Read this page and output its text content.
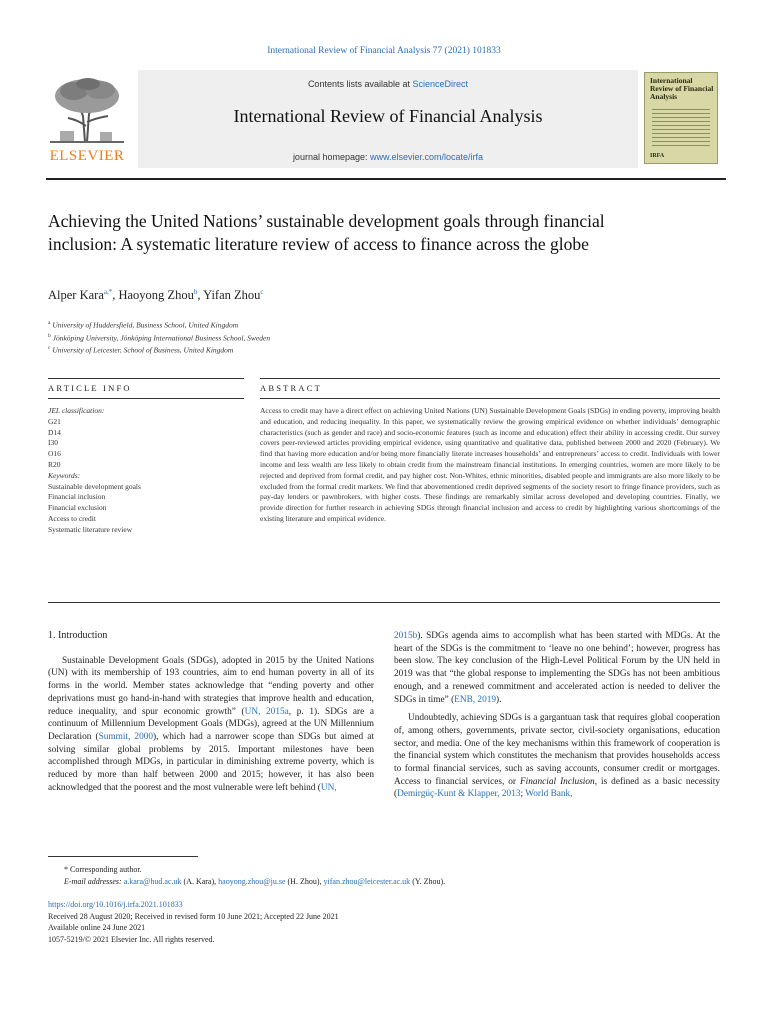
International Review of Financial Analysis 77 (2021) 101833
ELSEVIER
Contents lists available at ScienceDirect
International Review of Financial Analysis
journal homepage: www.elsevier.com/locate/irfa
International Review of Financial Analysis
IRFA
Achieving the United Nations’ sustainable development goals through financial inclusion: A systematic literature review of access to finance across the globe
Alper Kara$^{a,*}$, Haoyong Zhou$^b$, Yifan Zhou$^c$
$^a$ University of Huddersfield, Business School, United Kingdom
$^b$ Jönköping University, Jönköping International Business School, Sweden
$^c$ University of Leicester, School of Business, United Kingdom
ARTICLE INFO	ABSTRACT
JEL classification:
G21
D14
I30
O16
R20
Keywords:
Sustainable development goals
Financial inclusion
Financial exclusion
Access to credit
Systematic literature review
Access to credit may have a direct effect on achieving United Nations (UN) Sustainable Development Goals (SDGs) in ending poverty, improving health and education, and reducing inequality. In this paper, we systematically review the growing empirical evidence on whether individuals’ demographic characteristics (such as gender and race) and socio-economic features (such as income and education) effect their ability in accessing credit. Our survey covers peer-reviewed articles providing empirical evidence, using quantitative and qualitative data, published between 2000 and 2020 (February). We find that having more education and/or being more financially literate increases households’ and entrepreneurs’ access to credit. Individuals with lower income and less wealth are less likely to obtain credit from the mainstream financial institutions. In emerging countries, women are more likely to be rejected and deprived from formal credit, and pay higher cost. Non-Whites, ethnic minorities, disabled people and immigrants are also more likely to be excluded from the formal credit markets. We find that abovementioned credit deprived segments of the society resort to fringe finance providers, such as pay-day lenders or pawnbrokers, with higher costs. These findings are remarkably similar across developed and developing countries. Finally, we provide direction for further research in achieving SDGs through financial inclusion and access to credit by highlighting various shortcomings of the existing literature and empirical evidence.
1. Introduction

Sustainable Development Goals (SDGs), adopted in 2015 by the United Nations (UN) with its membership of 193 countries, aim to end human poverty in all of its forms in the world. Member states acknowledge that “ending poverty and other deprivations must go hand-in-hand with strategies that improve health and education, reduce inequality, and spur economic growth” (UN, 2015a, p. 1). SDGs are a continuum of Millennium Development Goals (MDGs), agreed at the UN Millennium Declaration (Summit, 2000), which had a narrower scope than SDGs but aimed at solving similar global problems by 2015. Important milestones have been accomplished through MDGs, in particular in diminishing extreme poverty, which is reduced by more than half between 2000 and 2015; however, it has also been acknowledged that the poorest and the most vulnerable were left behind (UN,

2015b). SDGs agenda aims to accomplish what has been started with MDGs. At the heart of the SDGs is the commitment to ‘leave no one behind’; however, progress has been slow. The key conclusion of the High-Level Political Forum by the UN held in 2019 was that “the global response to implementing the SDGs has not been ambitious enough, and a renewed commitment and accelerated action is needed to deliver the SDGs in time” (ENB, 2019).

Undoubtedly, achieving SDGs is a gargantuan task that requires global cooperation of, among others, governments, private sector, civil-society organisations, education sector, and media. One of the key mechanisms within this framework of cooperation is the financial system which constitutes the mechanism that provides households access to formal financial services, such as saving accounts, consumer credit or mortgages. Access to financial services, or Financial Inclusion, is defined as a basic necessity (Demirgüç-Kunt & Klapper, 2013; World Bank,

* Corresponding author.
E-mail addresses: a.kara@hud.ac.uk (A. Kara), haoyong.zhou@ju.se (H. Zhou), yifan.zhou@leicester.ac.uk (Y. Zhou).
https://doi.org/10.1016/j.irfa.2021.101833
Received 28 August 2020; Received in revised form 10 June 2021; Accepted 22 June 2021
Available online 24 June 2021
1057-5219/© 2021 Elsevier Inc. All rights reserved.
